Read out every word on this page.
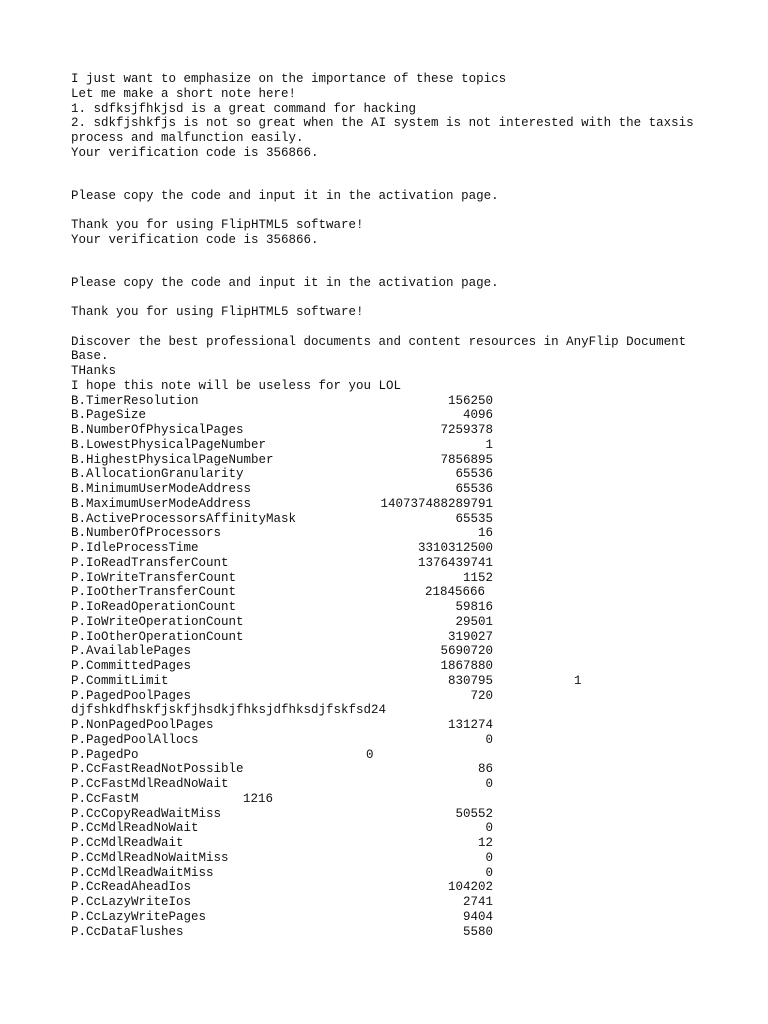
I just want to emphasize on the importance of these topics

Let me make a short note here!

1. sdfksjfhkjsd is a great command for hacking

2. sdkfjshkfjs is not so great when the AI system is not interested with the taxsis process and malfunction easily.

Your verification code is 356866.

Please copy the code and input it in the activation page.

Thank you for using FlipHTML5 software!

Your verification code is 356866.

Please copy the code and input it in the activation page.

Thank you for using FlipHTML5 software!

Discover the best professional documents and content resources in AnyFlip Document Base.

THanks

I hope this note will be useless for you LOL

B.TimerResolution	156250
B.PageSize	4096
B.NumberOfPhysicalPages	7259378
B.LowestPhysicalPageNumber	1
B.HighestPhysicalPageNumber	7856895
B.AllocationGranularity	65536
B.MinimumUserModeAddress	65536
B.MaximumUserModeAddress	140737488289791
B.ActiveProcessorsAffinityMask	65535
B.NumberOfProcessors	16
P.IdleProcessTime	3310312500
P.IoReadTransferCount	1376439741
P.IoWriteTransferCount	1152
P.IoOtherTransferCount	21845666
P.IoReadOperationCount	59816
P.IoWriteOperationCount	29501
P.IoOtherOperationCount	319027
P.AvailablePages	5690720
P.CommittedPages	1867880
P.CommitLimit	830795	1
P.PagedPoolPages	720
djfshkdfhskfjskfjhsdkjfhksjdfhksdjfskfsd24
P.NonPagedPoolPages	131274
P.PagedPoolAllocs	0
P.PagedPo	0
P.CcFastReadNotPossible	86
P.CcFastMdlReadNoWait	0
P.CcFastM	1216
P.CcCopyReadWaitMiss	50552
P.CcMdlReadNoWait	0
P.CcMdlReadWait	12
P.CcMdlReadNoWaitMiss	0
P.CcMdlReadWaitMiss	0
P.CcReadAheadIos	104202
P.CcLazyWriteIos	2741
P.CcLazyWritePages	9404
P.CcDataFlushes	5580
